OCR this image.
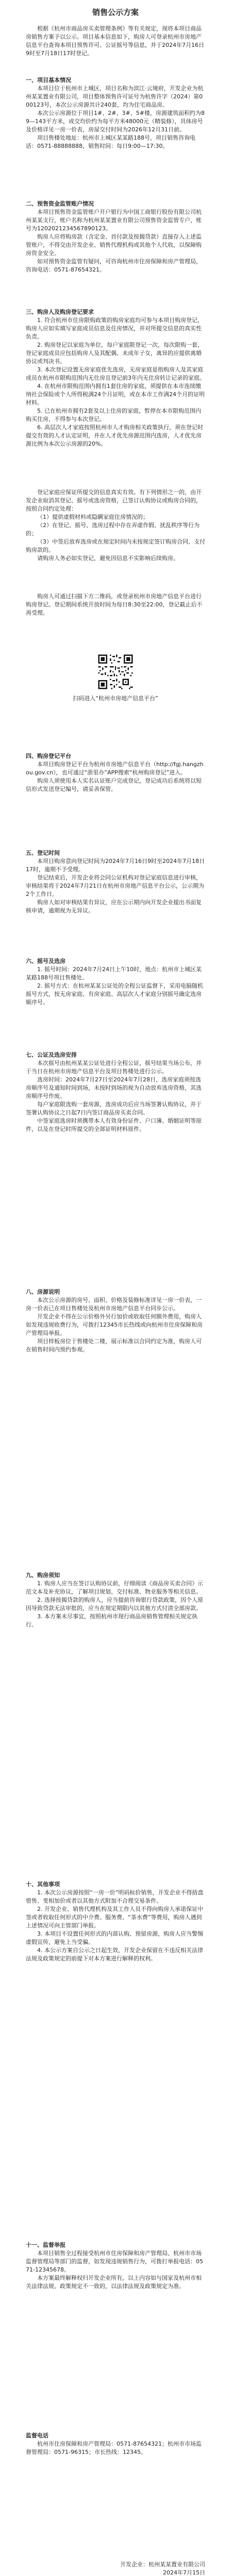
销售公示方案

根据《杭州市商品房买卖管理条例》等有关规定，现将本项目商品房销售方案予以公示。项目基本信息如下，购房人可登录杭州市房地产信息平台查询本项目预售许可、公证摇号等信息，并于2024年7月16日9时至7月18日17时登记。

一、项目基本情况

本项目位于杭州市上城区，项目名称为滨江·云境府，开发企业为杭州某某置业有限公司，项目整体预售许可证号为杭售许字（2024）第000123号，本次公示房源共计240套，均为住宅商品房。

本次公示房源位于项目1#、2#、3#、5#楼，房源建筑面积约为89—143平方米，成交均价约为每平方米48000元（精装修），具体房号及价格详见一房一价表，房屋交付时间为2026年12月31日前。

项目售楼处地址：杭州市上城区某某路188号，项目销售咨询电话：0571-88888888，销售时间：每日9:00—17:30。

二、预售资金监管账户情况

本项目预售资金监管账户开户银行为中国工商银行股份有限公司杭州某某支行，账户名称为杭州某某置业有限公司预售资金监管专户，账号为1202021234567890123。

购房人应将购房款（含定金、首付款及按揭贷款）直接存入上述监管账户，不得交由开发企业、销售代理机构或其他个人代收，以保障购房资金安全。

如对预售资金监管有疑问，可咨询杭州市住房保障和房产管理局，咨询电话：0571-87654321。

三、购房人及购房登记要求

1. 符合杭州市住房限购政策的购房家庭均可参与本项目购房登记，购房人应如实填写家庭成员信息及住房情况，并对所提交信息的真实性负责。

2. 购房登记以家庭为单位，每户家庭限登记一次，每次限购一套，登记家庭成员应包括购房人及其配偶、未成年子女，离异的应提供离婚协议或判决书。

3. 本次登记设置无房家庭优先选房，无房家庭是指购房人及其家庭成员在杭州市限购范围内无住房且登记前3年内无住房转让记录的家庭。

4. 在杭州市限购范围内拥有1套住房的家庭，须提供在本市连续缴纳社会保险或个人所得税满24个月证明，或在本市工作满24个月的证明材料。

5. 已在杭州市拥有2套及以上住房的家庭，暂停在本市限购范围内购买住房，不得参与本次登记。

6. 高层次人才家庭按照杭州市人才购房相关政策执行，须在登记时提交有效的人才认定证明，并在人才优先房源范围内选房，人才优先房源比例为本次公示房源的20%。

登记家庭应保证所提交的信息真实有效。有下列情形之一的，由开发企业取消其登记、摇号或选房资格，已签订认购协议或购房合同的，按照合同约定处理：

（1）提供虚假材料或隐瞒家庭住房情况的；

（2）在登记、摇号、选房过程中存在弄虚作假、扰乱秩序等行为的；

（3）中签后放弃选房或在规定时间内未按规定签订购房合同、支付购房款的。

请购房人务必如实登记，避免因信息不实影响后续购房。

购房人可通过扫描下方二维码，或登录杭州市房地产信息平台进行购房登记。登记期间系统开放时间为每日8:30至22:00，登记截止后不再受理。

扫码进入“杭州市房地产信息平台”

四、购房登记平台

本项目购房登记平台为杭州市房地产信息平台（http://fgj.hangzhou.gov.cn），也可通过“浙里办”APP搜索“杭州购房登记”进入。

购房人须使用本人实名认证账户完成登记，登记成功后系统将以短信形式发送登记编号，请妥善保管。

五、登记时间

本项目购房意向登记时间为2024年7月16日9时至2024年7月18日17时，逾期不予受理。

登记结束后，开发企业将会同公证机构对登记家庭信息进行审核，审核结果将于2024年7月21日在杭州市房地产信息平台公示，公示期为2个工作日。

购房人如对审核结果有异议，应在公示期内向开发企业提出书面复核申请，逾期视为无异议。

六、摇号及选房

1. 摇号时间：2024年7月24日上午10时，地点：杭州市上城区某某路188号项目售楼处。

2. 摇号方式：在杭州某某公证处的全程公证监督下，采用电脑随机摇号方式，按无房家庭、有房家庭、高层次人才家庭分别摇号确定选房顺序号。

七、公证及选房安排

本次摇号由杭州某某公证处进行全程公证，摇号结果当场公布，并于当日在杭州市房地产信息平台及项目售楼处进行公示。

选房时间：2024年7月27日至2024年7月28日，选房家庭须按选房顺序号及通知时间到场，未按时到场的视为自动放弃选房资格，其选房顺序号作废。

每户家庭限选购一套房源，选房成功后应当场签署认购协议，并于签署认购协议之日起7日内签订商品房买卖合同。

中签家庭选房时须携带本人有效身份证件、户口簿、婚姻证明等原件，以及在登记时所提交的全部证明材料原件。

八、房源说明

本次公示房源的房号、面积、价格及装修标准详见一房一价表，一房一价表已在项目售楼处及杭州市房地产信息平台同步公示。

开发企业不得在公示价格外另行加价或收取任何额外费用，购房人如发现违规收费行为，可拨打12345市长热线或向杭州市住房保障和房产管理局举报。

项目样板房位于售楼处二楼，展示标准以合同约定为准，购房人可在销售时间内预约参观。

九、购房须知

1. 购房人应当在签订认购协议前，仔细阅读《商品房买卖合同》示范文本及补充协议，了解项目规划、交付标准、物业服务等相关信息。

2. 选择按揭贷款的购房人，应当提前咨询银行贷款政策，因个人原因导致贷款无法审批的，应当在规定期限内以其他方式付清全部房款。

3. 本方案未尽事宜，按照杭州市现行商品房销售管理相关规定执行。

十、其他事项

1. 本次公示房源按照“一房一价”明码标价销售，开发企业不得捂盘惜售、变相加价或者以其他方式附加不合理交易条件。

2. 开发企业、销售代理机构及其工作人员不得向购房人承诺保证中签或者收取任何形式的中介费、服务费、“茶水费”等费用，购房人遇到上述情况可向主管部门举报。

3. 本项目不设置任何形式的内部认购、预留房源，购房人应当警惕虚假宣传，避免上当受骗。

4. 本公示方案自公示之日起生效，开发企业保留在不违反相关法律法规及政策规定的前提下对本方案进行解释的权利。

十一、监督举报

本项目销售全过程接受杭州市住房保障和房产管理局、杭州市市场监督管理局等部门的监督，如发现违规销售行为，可拨打举报电话：0571-12345678。

本方案最终解释权归开发企业所有，以上内容如与国家及杭州市相关法律法规、政策规定不一致的，以法律法规及政策规定为准。

监督电话

杭州市住房保障和房产管理局：0571-87654321；杭州市市场监督管理局：0571-96315；市长热线：12345。

开发企业：杭州某某置业有限公司

2024年7月15日
